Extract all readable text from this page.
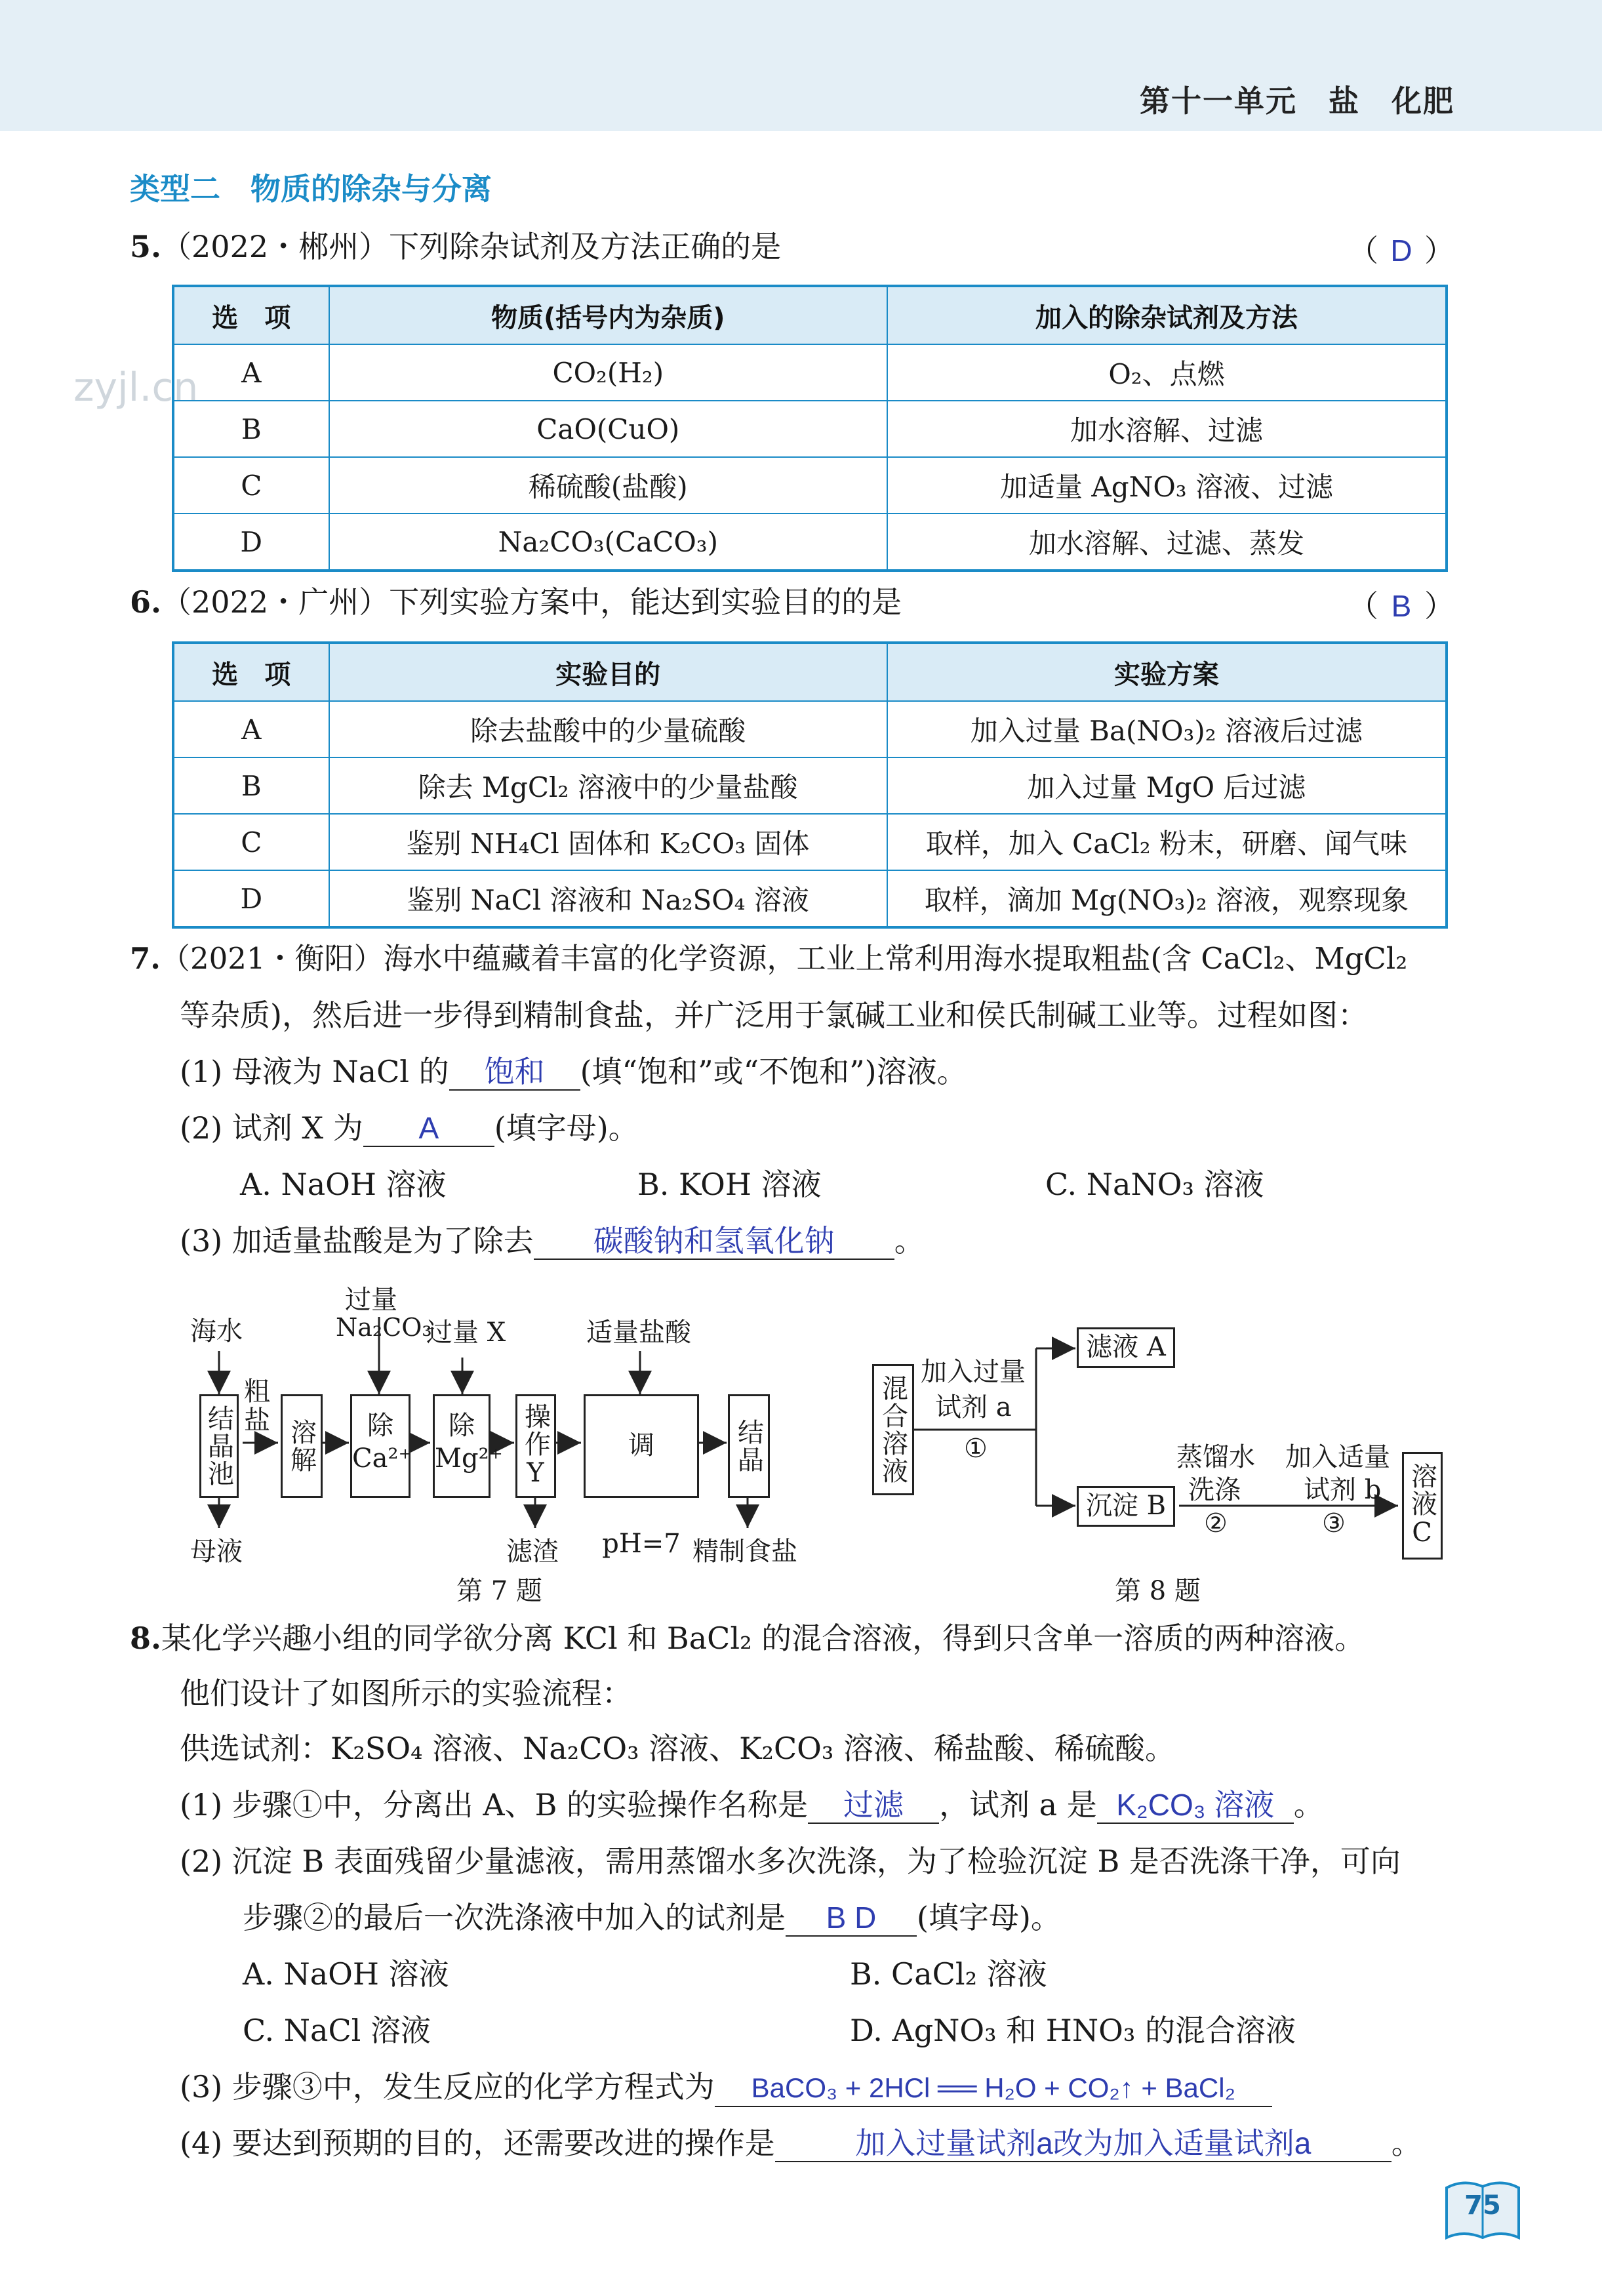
第十一单元　盐　化肥
类型二　物质的除杂与分离
zyjl.cn
5.（2022・郴州）下列除杂试剂及方法正确的是	（ D ）
选　项	物质(括号内为杂质)	加入的除杂试剂及方法
A	CO₂(H₂)	O₂、点燃
B	CaO(CuO)	加水溶解、过滤
C	稀硫酸(盐酸)	加适量 AgNO₃ 溶液、过滤
D	Na₂CO₃(CaCO₃)	加水溶解、过滤、蒸发
6.（2022・广州）下列实验方案中，能达到实验目的的是	（ B ）
选　项	实验目的	实验方案
A	除去盐酸中的少量硫酸	加入过量 Ba(NO₃)₂ 溶液后过滤
B	除去 MgCl₂ 溶液中的少量盐酸	加入过量 MgO 后过滤
C	鉴别 NH₄Cl 固体和 K₂CO₃ 固体	取样，加入 CaCl₂ 粉末，研磨、闻气味
D	鉴别 NaCl 溶液和 Na₂SO₄ 溶液	取样，滴加 Mg(NO₃)₂ 溶液，观察现象
7.（2021・衡阳）海水中蕴藏着丰富的化学资源，工业上常利用海水提取粗盐(含 CaCl₂、MgCl₂
等杂质)，然后进一步得到精制食盐，并广泛用于氯碱工业和侯氏制碱工业等。过程如图：
(1) 母液为 NaCl 的 饱和 (填“饱和”或“不饱和”)溶液。
(2) 试剂 X 为 A (填字母)。
A. NaOH 溶液	B. KOH 溶液	C. NaNO₃ 溶液
(3) 加适量盐酸是为了除去 碳酸钠和氢氧化钠 。
海水
粗盐
母液
过量
Na₂CO₃
过量 X	适量盐酸
结晶池 溶解	除
Ca²⁺
除
Mg²⁺ 操作Y	调 pH=7
结晶
滤渣	精制食盐
第 7 题
混合溶液
加入过量
试剂 a
①
滤液 A
沉淀 B
蒸馏水
洗涤
②
加入适量
试剂 b
③ 溶液C
第 8 题
8.某化学兴趣小组的同学欲分离 KCl 和 BaCl₂ 的混合溶液，得到只含单一溶质的两种溶液。
他们设计了如图所示的实验流程：
供选试剂：K₂SO₄ 溶液、Na₂CO₃ 溶液、K₂CO₃ 溶液、稀盐酸、稀硫酸。
(1) 步骤①中，分离出 A、B 的实验操作名称是 过滤 ，试剂 a 是 K₂CO₃ 溶液 。
(2) 沉淀 B 表面残留少量滤液，需用蒸馏水多次洗涤，为了检验沉淀 B 是否洗涤干净，可向
步骤②的最后一次洗涤液中加入的试剂是 B D (填字母)。
A. NaOH 溶液	B. CaCl₂ 溶液
C. NaCl 溶液	D. AgNO₃ 和 HNO₃ 的混合溶液
(3) 步骤③中，发生反应的化学方程式为 BaCO₃ + 2HCl ══ H₂O + CO₂↑ + BaCl₂
(4) 要达到预期的目的，还需要改进的操作是	加入过量试剂a改为加入适量试剂a	。
75
